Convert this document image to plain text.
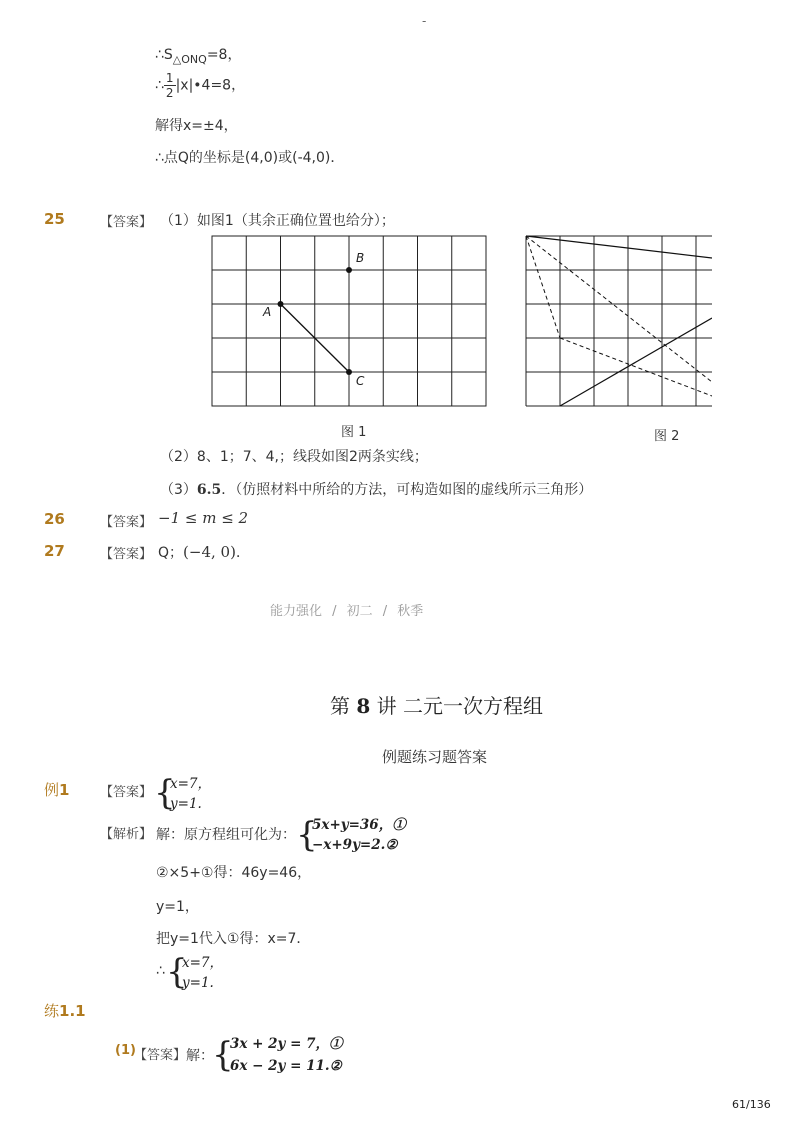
-
$\therefore S_{\triangle ONQ}=8$，
∴ $\frac{1}{2}$ |x|•4=8，
解得x=±4，
∴点Q的坐标是(4,0)或(-4,0)．
25	【答案】 （1）如图1（其余正确位置也给分）；
A
B
C
图 1	图 2
（2）8、1；7、4,；线段如图2两条实线；
（3）6.5．（仿照材料中所给的方法，可构造如图的虚线所示三角形）
26	【答案】 −1 ≤ m ≤ 2
27	【答案】 Q；(−4, 0)．
能力强化 / 初二 / 秋季
第 8 讲 二元一次方程组
例题练习题答案
例1 【答案】 {
x=7，
y=1.
【解析】 解：原方程组可化为： {
5x+y=36，①
−x+9y=2.②
②×5+①得：46y=46，
y=1，
把y=1代入①得：x=7．
∴ {
x=7，
y=1.
练1.1
(1)
【答案】 解：
{
3x + 2y = 7，①
6x − 2y = 11.②
61/136
